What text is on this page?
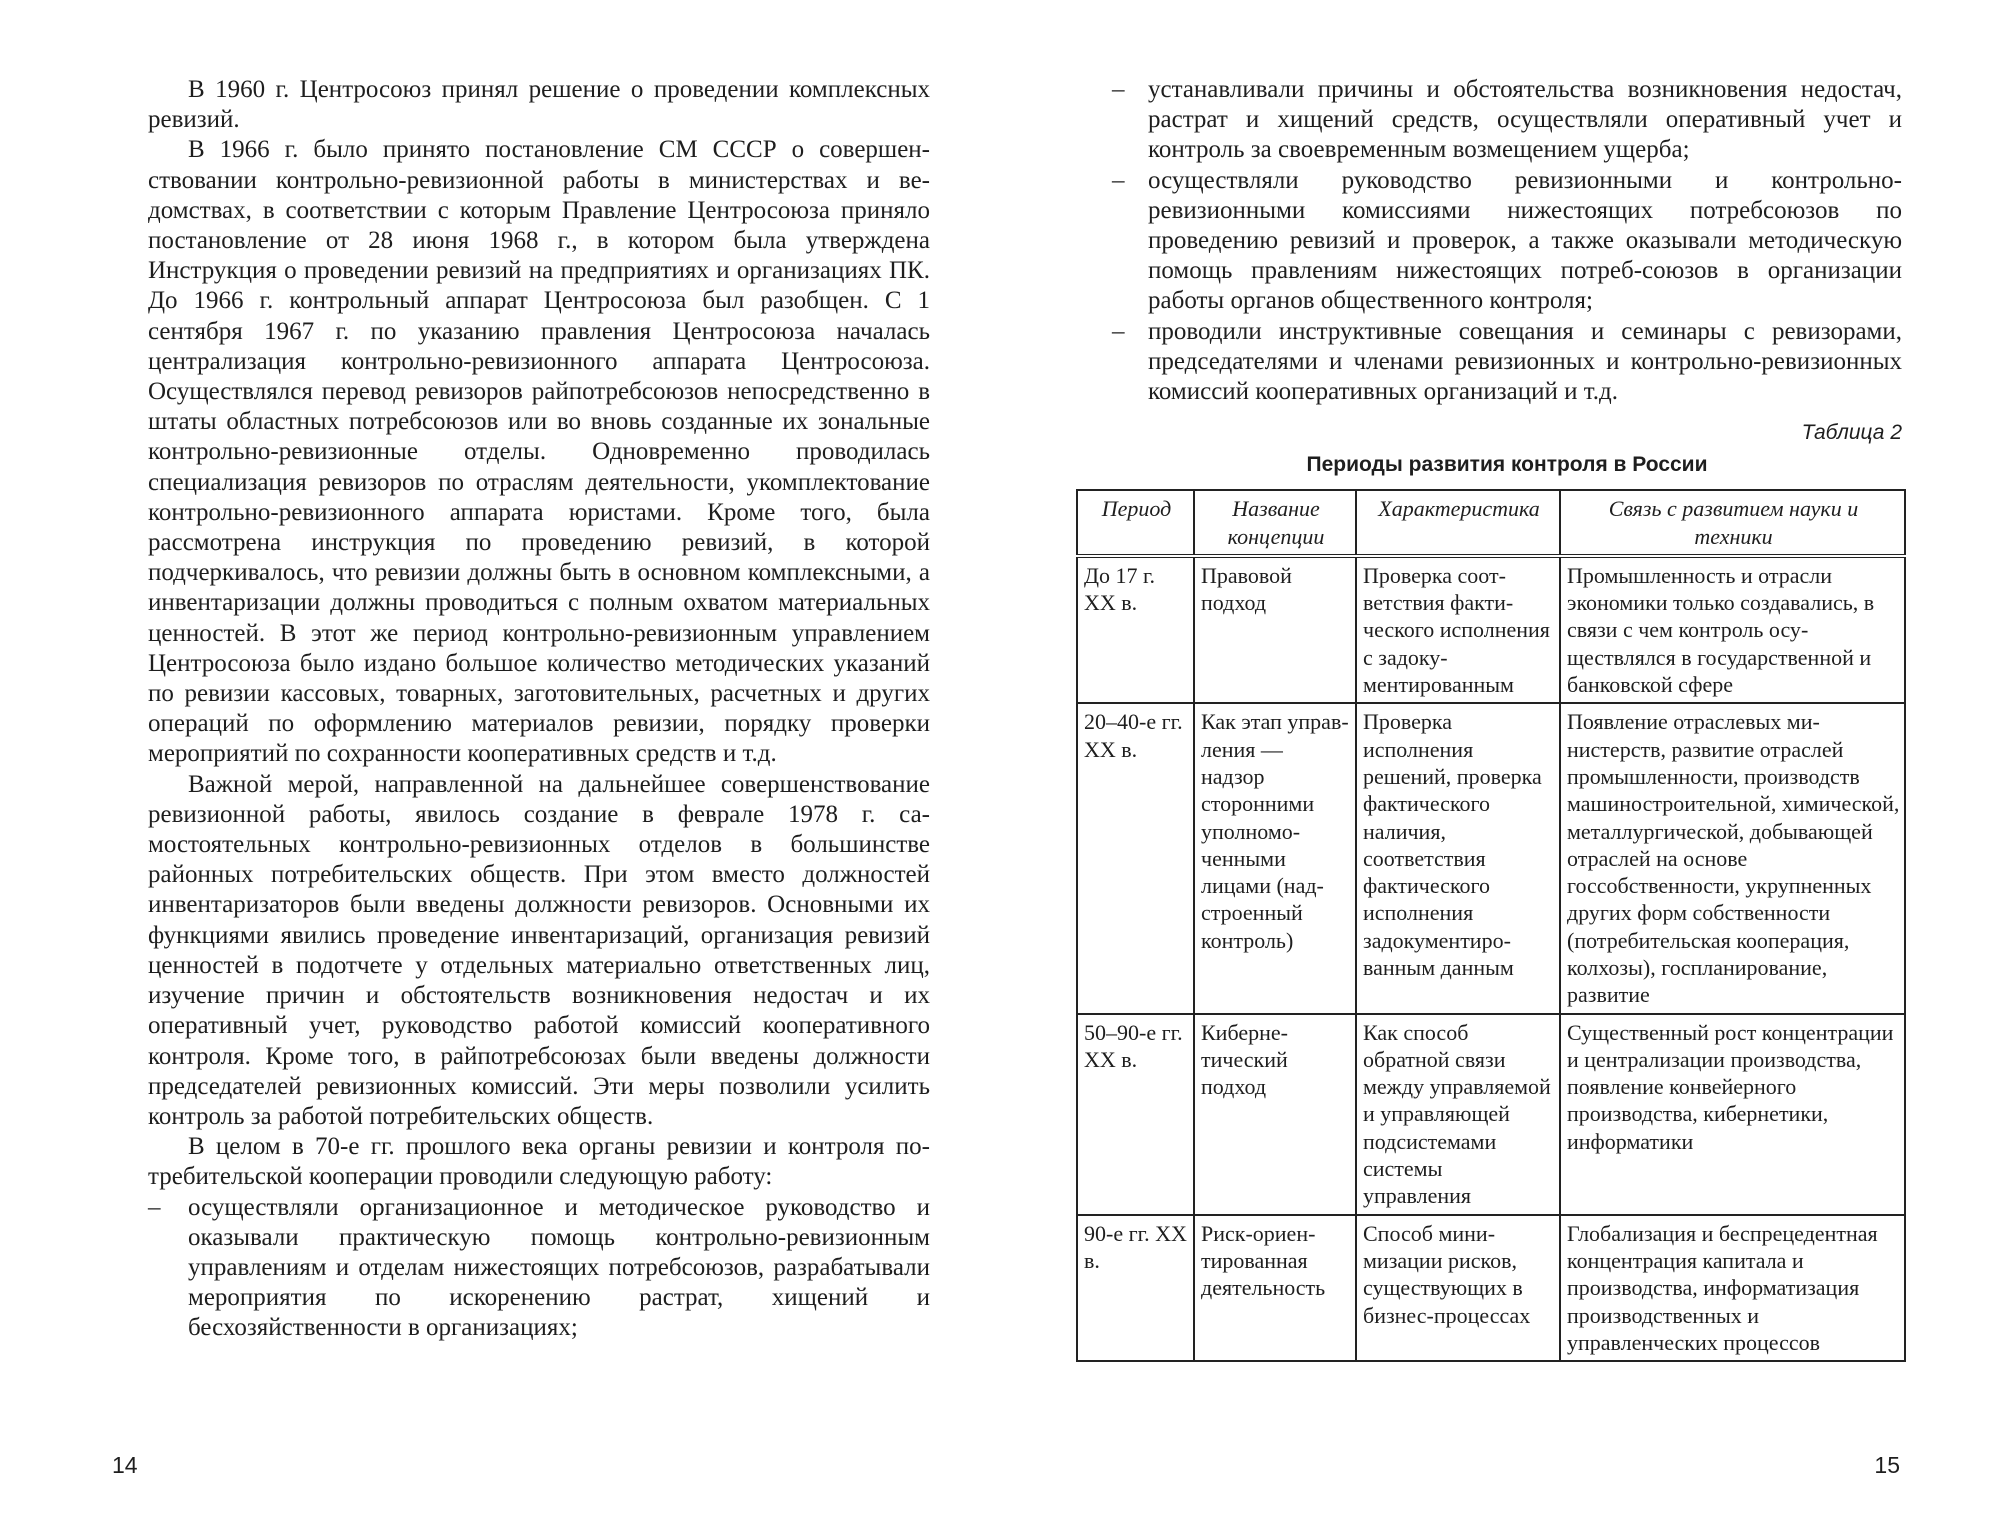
В 1960 г. Центросоюз принял решение о проведении комплексных ревизий.

В 1966 г. было принято постановление СМ СССР о совершенствовании контрольно-ревизионной работы в министерствах и ведомствах, в соответствии с которым Правление Центросоюза приняло постановление от 28 июня 1968 г., в котором была утверждена Инструкция о проведении ревизий на предприятиях и организациях ПК. До 1966 г. контрольный аппарат Центросоюза был разобщен. С 1 сентября 1967 г. по указанию правления Центросоюза началась централизация контрольно-ревизионного аппарата Центросоюза. Осуществлялся перевод ревизоров райпотребсоюзов непосредственно в штаты областных потребсоюзов или во вновь созданные их зональные контрольно-ревизионные отделы. Одновременно проводилась специализация ревизоров по отраслям деятельности, укомплектование контрольно-ревизионного аппарата юристами. Кроме того, была рассмотрена инструкция по проведению ревизий, в которой подчеркивалось, что ревизии должны быть в основном комплексными, а инвентаризации должны проводиться с полным охватом материальных ценностей. В этот же период контрольно-ревизионным управлением Центросоюза было издано большое количество методических указаний по ревизии кассовых, товарных, заготовительных, расчетных и других операций по оформлению материалов ревизии, порядку проверки мероприятий по сохранности кооперативных средств и т.д.

Важной мерой, направленной на дальнейшее совершенствование ревизионной работы, явилось создание в феврале 1978 г. самостоятельных контрольно-ревизионных отделов в большинстве районных потребительских обществ. При этом вместо должностей инвентаризаторов были введены должности ревизоров. Основными их функциями явились проведение инвентаризаций, организация ревизий ценностей в подотчете у отдельных материально ответственных лиц, изучение причин и обстоятельств возникновения недостач и их оперативный учет, руководство работой комиссий кооперативного контроля. Кроме того, в райпотребсоюзах были введены должности председателей ревизионных комиссий. Эти меры позволили усилить контроль за работой потребительских обществ.

В целом в 70-е гг. прошлого века органы ревизии и контроля потребительской кооперации проводили следующую работу:

–	осуществляли организационное и методическое руководство и оказывали практическую помощь контрольно-ревизионным управлениям и отделам нижестоящих потребсоюзов, разрабатывали мероприятия по искоренению растрат, хищений и бесхозяйственности в организациях;
14
– устанавливали причины и обстоятельства возникновения недостач, растрат и хищений средств, осуществляли оперативный учет и контроль за своевременным возмещением ущерба;
– осуществляли руководство ревизионными и контрольно-ревизионными комиссиями нижестоящих потребсоюзов по проведению ревизий и проверок, а также оказывали методическую помощь правлениям нижестоящих потреб-союзов в организации работы органов общественного контроля;
– проводили инструктивные совещания и семинары с ревизорами, председателями и членами ревизионных и контрольно-ревизионных комиссий кооперативных организаций и т.д.
Таблица 2
Периоды развития контроля в России
Период	Название концепции	Характеристика	Связь с развитием науки и техники
До 17 г. XX в.	Правовой подход	Проверка соответствия фактического исполнения с задокументированным	Промышленность и отрасли экономики только создавались, в связи с чем контроль осуществлялся в государственной и банковской сфере
20–40-е гг. XX в.	Как этап управления — надзор сторонними уполномоченными лицами (надстроенный контроль)	Проверка исполнения решений, проверка фактического наличия, соответствия фактического исполнения задокументированным данным	Появление отраслевых министерств, развитие отраслей промышленности, производств машиностроительной, химической, металлургической, добывающей отраслей на основе госсобственности, укрупненных других форм собственности (потребительская кооперация, колхозы), гоcпланирование, развитие
50–90-е гг. XX в.	Кибернетический подход	Как способ обратной связи между управляемой и управляющей подсистемами системы управления	Существенный рост концентрации и централизации производства, появление конвейерного производства, кибернетики, информатики
90-е гг. XX в.	Риск-ориентированная деятельность	Способ минимизации рисков, существующих в бизнес-процессах	Глобализация и беспрецедентная концентрация капитала и производства, информатизация производственных и управленческих процессов
15
